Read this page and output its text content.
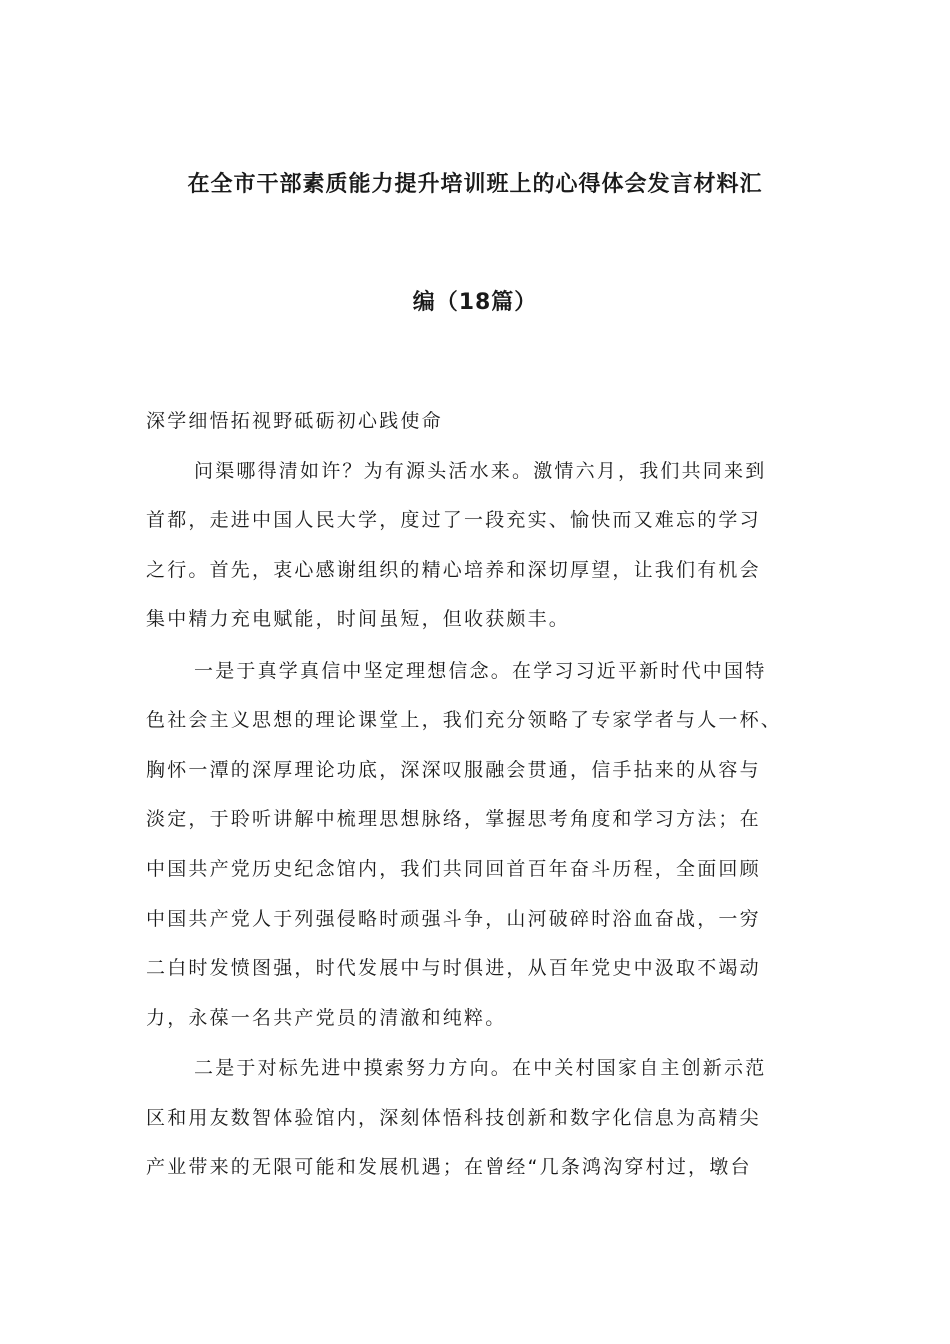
在全市干部素质能力提升培训班上的心得体会发言材料汇
编（18篇）
深学细悟拓视野砥砺初心践使命
问渠哪得清如许？为有源头活水来。激情六月，我们共同来到
首都，走进中国人民大学，度过了一段充实、愉快而又难忘的学习
之行。首先，衷心感谢组织的精心培养和深切厚望，让我们有机会
集中精力充电赋能，时间虽短，但收获颇丰。
一是于真学真信中坚定理想信念。在学习习近平新时代中国特
色社会主义思想的理论课堂上，我们充分领略了专家学者与人一杯、
胸怀一潭的深厚理论功底，深深叹服融会贯通，信手拈来的从容与
淡定，于聆听讲解中梳理思想脉络，掌握思考角度和学习方法；在
中国共产党历史纪念馆内，我们共同回首百年奋斗历程，全面回顾
中国共产党人于列强侵略时顽强斗争，山河破碎时浴血奋战，一穷
二白时发愤图强，时代发展中与时俱进，从百年党史中汲取不竭动
力，永葆一名共产党员的清澈和纯粹。
二是于对标先进中摸索努力方向。在中关村国家自主创新示范
区和用友数智体验馆内，深刻体悟科技创新和数字化信息为高精尖
产业带来的无限可能和发展机遇；在曾经“几条鸿沟穿村过，墩台
